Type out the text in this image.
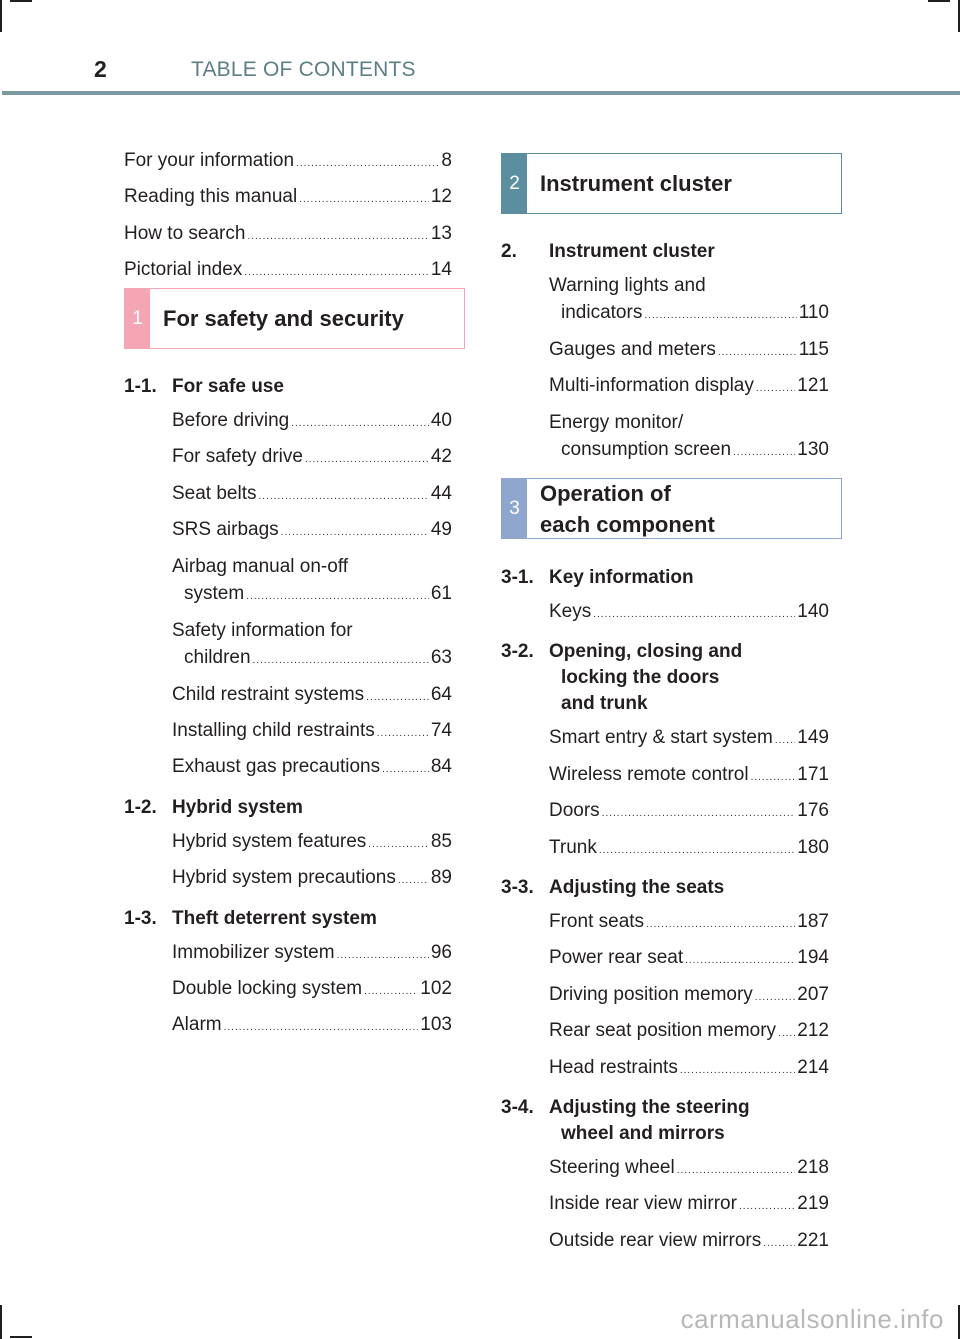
2	TABLE OF CONTENTS
For your information .....	8
Reading this manual .....	12
How to search .....	13
Pictorial index .....	14
1 For safety and security
1-1. For safe use
Before driving .....	40
For safety drive .....	42
Seat belts .....	44
SRS airbags .....	49
Airbag manual on-off
system .....	61
Safety information for
children .....	63
Child restraint systems .....	64
Installing child restraints .....	74
Exhaust gas precautions .....	84
1-2. Hybrid system
Hybrid system features .....	85
Hybrid system precautions ..... 89
1-3. Theft deterrent system
Immobilizer system .....	96
Double locking system .....	102
Alarm .....	103
2 Instrument cluster
2.	Instrument cluster
Warning lights and
indicators .....	110
Gauges and meters .....	115
Multi-information display ..... 121
Energy monitor/
consumption screen .....	130
3
Operation of
each component
3-1. Key information
Keys .....	140
3-2. Opening, closing and
locking the doors
and trunk
Smart entry & start system ..... 149
Wireless remote control .....	171
Doors .....	176
Trunk .....	180
3-3. Adjusting the seats
Front seats .....	187
Power rear seat .....	194
Driving position memory ..... 207
Rear seat position memory ..... 212
Head restraints .....	214
3-4. Adjusting the steering
wheel and mirrors
Steering wheel .....	218
Inside rear view mirror .....	219
Outside rear view mirrors ..... 221
carmanualsonline.info
